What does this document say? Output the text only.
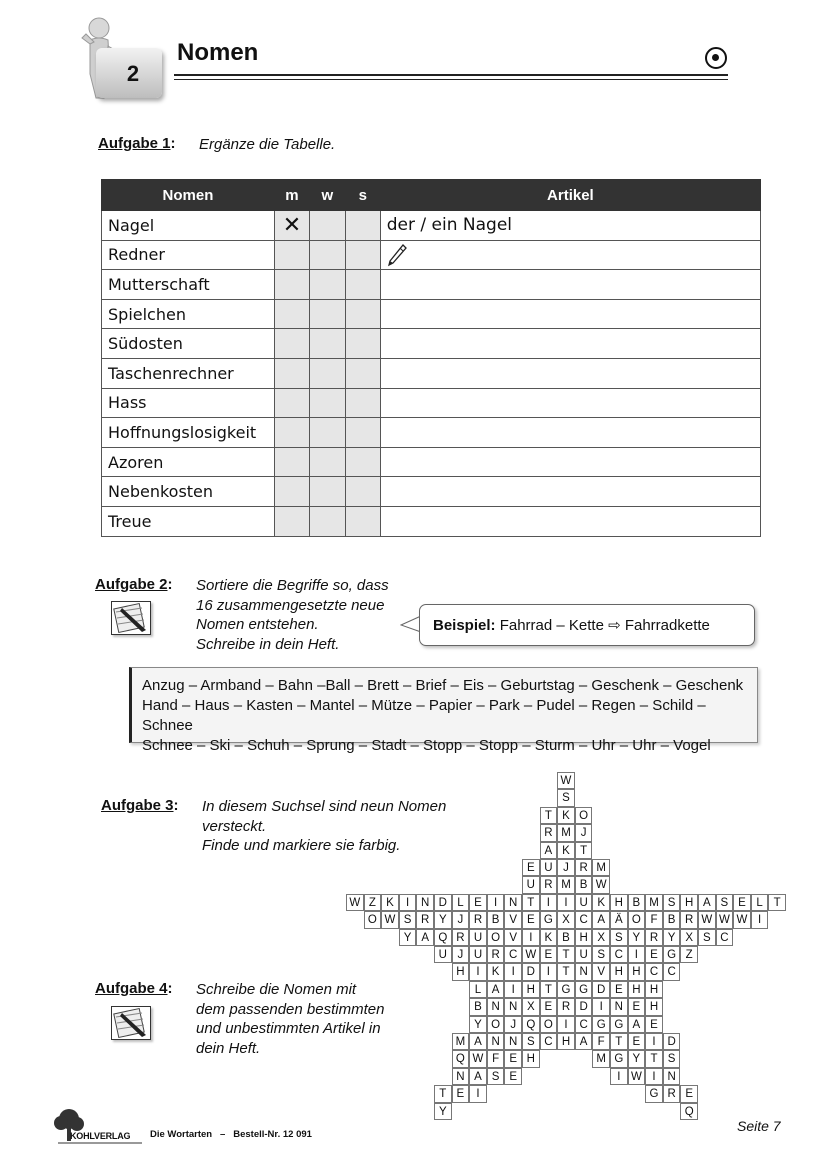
2
Nomen
Aufgabe 1: Ergänze die Tabelle.
Nomen	m	w	s	Artikel
Nagel	✕			der / ein Nagel
Redner				
Mutterschaft				
Spielchen				
Südosten				
Taschenrechner				
Hass				
Hoffnungslosigkeit				
Azoren				
Nebenkosten				
Treue				
Aufgabe 2: Sortiere die Begriffe so, dass
16 zusammengesetzte neue
Nomen entstehen.
Schreibe in dein Heft.
Beispiel: Fahrrad – Kette ⇨ Fahrradkette
Anzug – Armband – Bahn –Ball – Brett – Brief – Eis – Geburtstag – Geschenk – Geschenk
Hand – Haus – Kasten – Mantel – Mütze – Papier – Park – Pudel – Regen – Schild – Schnee
Schnee – Ski – Schuh – Sprung – Stadt – Stopp – Stopp – Sturm – Uhr – Uhr – Vogel
Aufgabe 3: In diesem Suchsel sind neun Nomen
versteckt.
Finde und markiere sie farbig.
Aufgabe 4: Schreibe die Nomen mit
dem passenden bestimmten
und unbestimmten Artikel in
dein Heft.
W
S
T K O
R M J
A K T
E U J R M
U R M B W
W Z K	I	N D L E	I	N T	I	I	U K H B M S H A S E L T
O W S R Y J R B V E G X C A Ä O F B R W W W I
Y A Q R U O V	I	K B H X S Y R Y X S C
U J U R C W E T U S C	I	E G Z
H	I	K	I	D	I	T N V H H C C
L A	I	H T G G D E H H
B N N X E R D	I	N E H
Y O J Q O	I	C G G A E
M A N N S C H A F T E	I	D
Q W F E H	M G Y T S
N A S E	I W I	N
T E	I	G R E
Y	Q
KOHLVERLAG Die Wortarten   –   Bestell-Nr. 12 091
Seite 7
